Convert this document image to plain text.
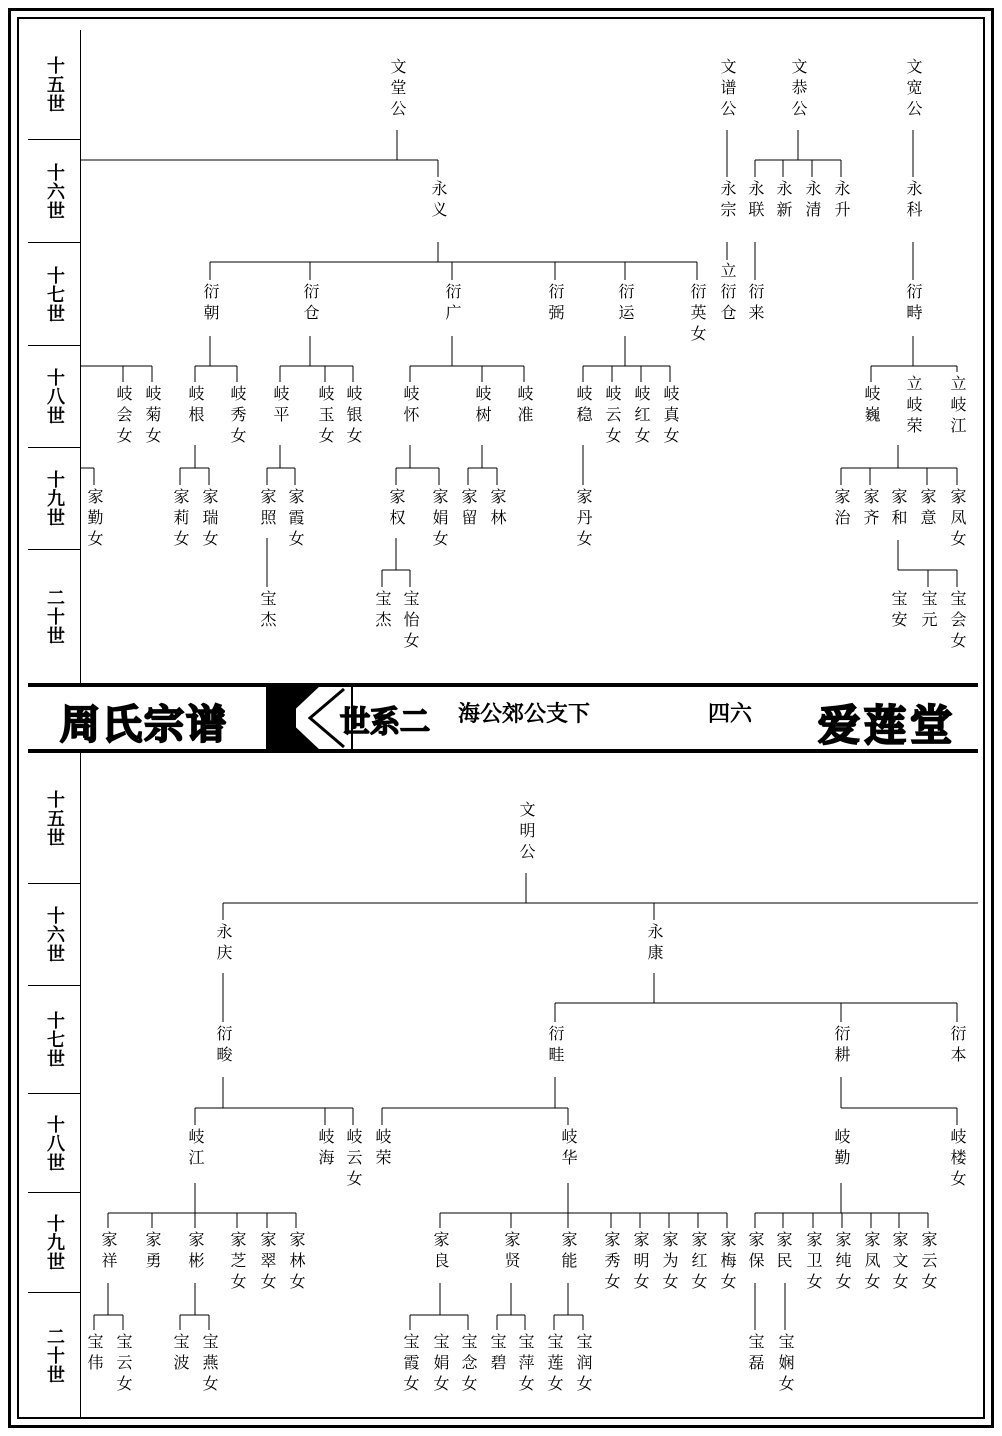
十五世
十六世
十七世
十八世
十九世
二十世
十五世
十六世
十七世
十八世
十九世
二十世
文堂公	文谱公	文恭公	文宽公
永义	永宗 永联 永新 永清 永升	永科
衍朝	衍仓	衍广	衍弼	衍运	衍英女 立衍仓 衍来	衍畤
岐会女 岐菊女 岐根 岐秀女 岐平 岐玉女 岐银女 岐怀	岐树 岐准	岐稳 岐云女 岐红女 岐真女	岐巍 立岐荣 立岐江
家勤女	家莉女 家瑞女 家照 家霞女	家权 家娟女 家留 家林	家丹女	家治 家齐 家和 家意 家凤女
宝杰	宝杰 宝怡女	宝安 宝元 宝会女
文明公
永庆	永康
衍畯	衍畦	衍耕	衍本
岐江	岐海 岐云女 岐荣	岐华	岐勤	岐楼女
家祥 家勇 家彬 家芝女 家翠女 家林女	家良	家贤 家能 家秀女 家明女 家为女 家红女 家梅女 家保 家民 家卫女 家纯女 家凤女 家文女 家云女
宝伟 宝云女 宝波 宝燕女	宝霞女 宝娟女 宝念女 宝碧 宝萍女 宝莲女 宝润女	宝磊 宝娴女
周氏宗谱	世系二 海公郊公支下	四六 爱莲堂
